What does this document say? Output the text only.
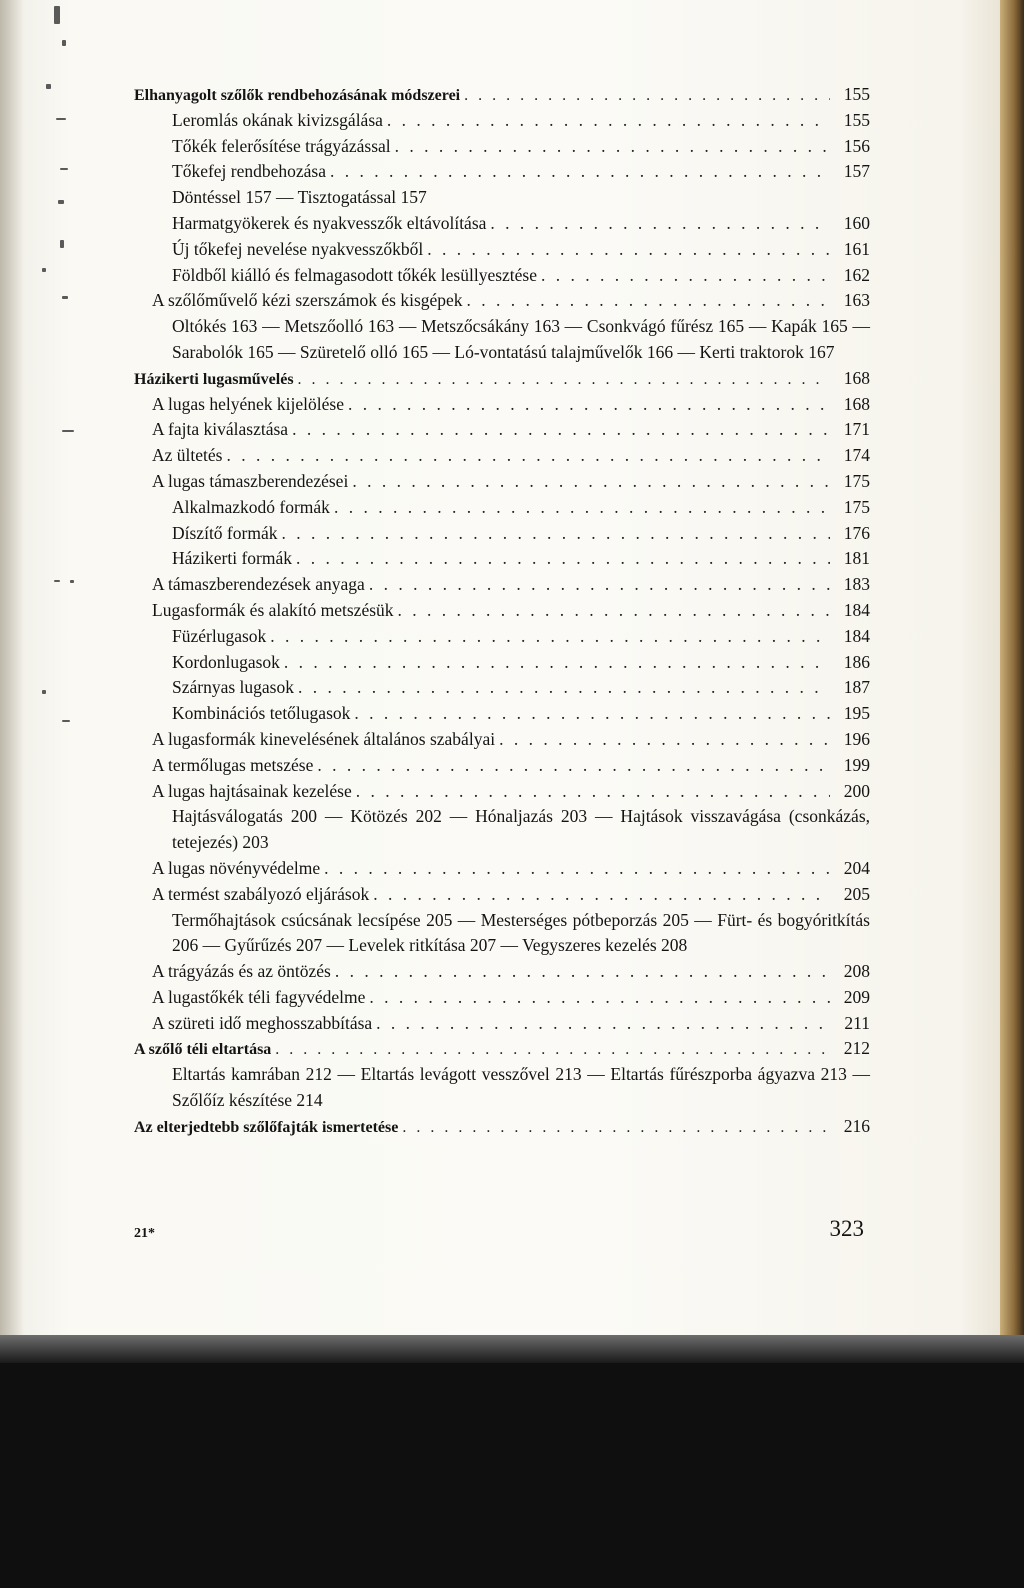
Elhanyagolt szőlők rendbehozásának módszerei . . .	155
Leromlás okának kivizsgálása . . .	155
Tőkék felerősítése trágyázással . . .	156
Tőkefej rendbehozása . . .	157
Döntéssel 157 — Tisztogatással 157
Harmatgyökerek és nyakvesszők eltávolítása . . .	160
Új tőkefej nevelése nyakvesszőkből . . .	161
Földből kiálló és felmagasodott tőkék lesüllyesztése . . .	162
A szőlőművelő kézi szerszámok és kisgépek . . .	163
Oltókés 163 — Metszőolló 163 — Metszőcsákány 163 — Csonkvágó fűrész 165 — Kapák 165 — Sarabolók 165 — Szüretelő olló 165 — Ló-vontatású talajművelők 166 — Kerti traktorok 167
Házikerti lugasművelés . . .	168
A lugas helyének kijelölése . . .	168
A fajta kiválasztása . . .	171
Az ültetés . . .	174
A lugas támaszberendezései . . .	175
Alkalmazkodó formák . . .	175
Díszítő formák . . .	176
Házikerti formák . . .	181
A támaszberendezések anyaga . . .	183
Lugasformák és alakító metszésük . . .	184
Füzérlugasok . . .	184
Kordonlugasok . . .	186
Szárnyas lugasok . . .	187
Kombinációs tetőlugasok . . .	195
A lugasformák kinevelésének általános szabályai . . .	196
A termőlugas metszése . . .	199
A lugas hajtásainak kezelése . . .	200
Hajtásválogatás 200 — Kötözés 202 — Hónaljazás 203 — Hajtások visszavágása (csonkázás, tetejezés) 203
A lugas növényvédelme . . .	204
A termést szabályozó eljárások . . .	205
Termőhajtások csúcsának lecsípése 205 — Mesterséges pótbeporzás 205 — Fürt- és bogyóritkítás 206 — Gyűrűzés 207 — Levelek ritkítása 207 — Vegyszeres kezelés 208
A trágyázás és az öntözés . . .	208
A lugastőkék téli fagyvédelme . . .	209
A szüreti idő meghosszabbítása . . .	211
A szőlő téli eltartása . . .	212
Eltartás kamrában 212 — Eltartás levágott vesszővel 213 — Eltartás fűrészporba ágyazva 213 — Szőlőíz készítése 214
Az elterjedtebb szőlőfajták ismertetése . . .	216
21*	323
